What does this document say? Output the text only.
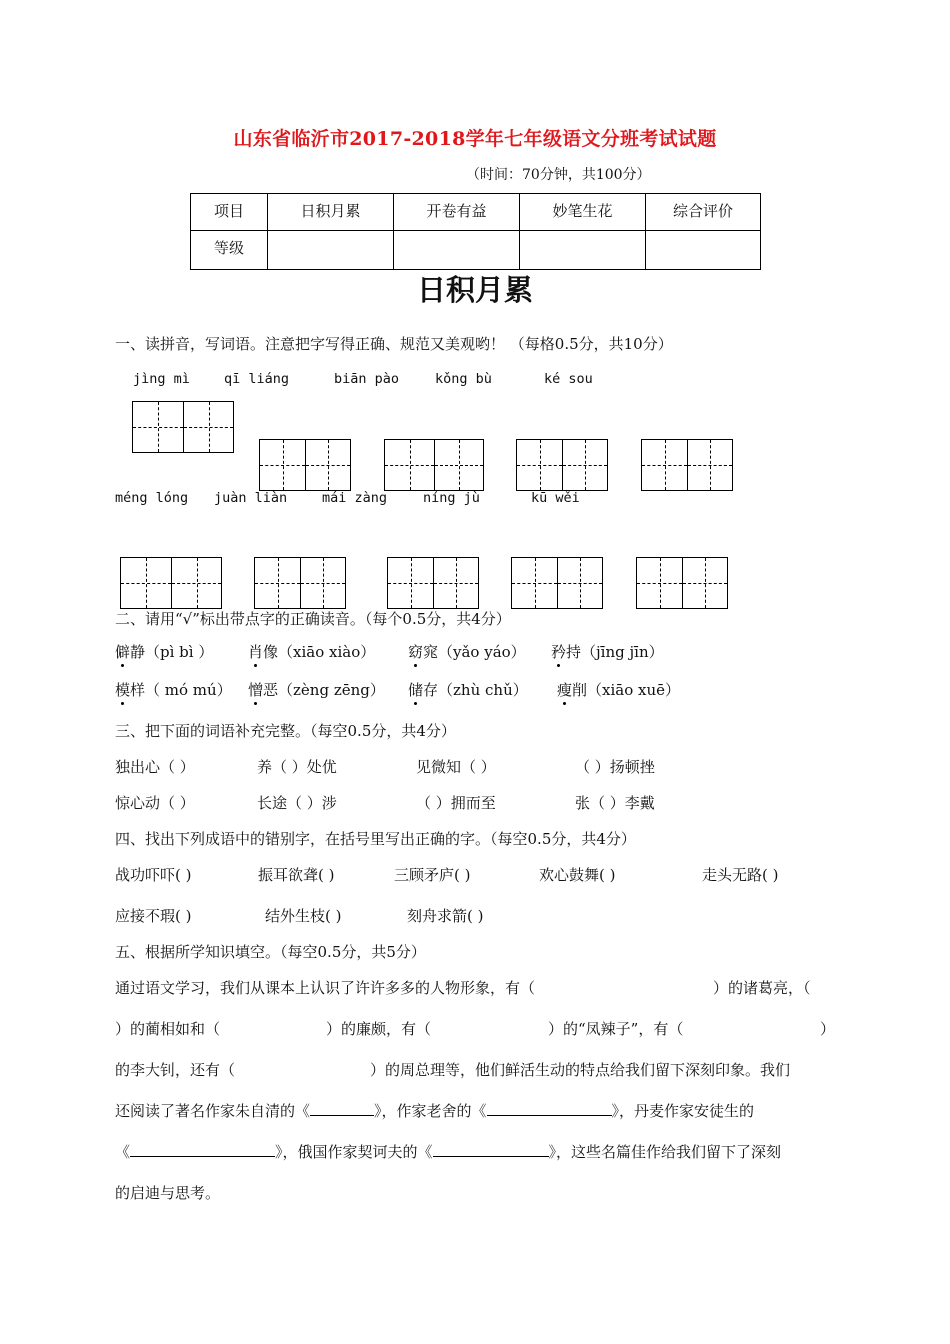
山东省临沂市2017-2018学年七年级语文分班考试试题
（时间：70分钟，共100分）
项目	日积月累	开卷有益	妙笔生花	综合评价
等级				
日积月累
一、读拼音，写词语。注意把字写得正确、规范又美观哟！ （每格0.5分，共10分）
jìng mì	qī liáng	biān pào	kǒng bù	ké sou
méng lóng juàn liàn	mái zàng	níng jù	kū wěi
二、请用“√”标出带点字的正确读音。（每个0.5分，共4分）
僻静（pì bì ） 肖像（xiāo xiào） 窈窕（yǎo yáo） 矜持（jīng jīn）
模样（ mó mú） 憎恶（zèng zēng） 储存（zhù chǔ） 瘦削（xiāo xuē）
三、把下面的词语补充完整。（每空0.5分，共4分）
独出心（ ）	养（ ）处优	见微知（ ）	（ ）扬顿挫
惊心动（ ）	长途（ ）涉	（ ）拥而至	张（ ）李戴
四、找出下列成语中的错别字，在括号里写出正确的字。（每空0.5分，共4分）
战功吓吓( )	振耳欲聋( )	三顾矛庐( )	欢心鼓舞( )	走头无路( )
应接不瑕( )	结外生枝( )	刻舟求箭( )
五、根据所学知识填空。（每空0.5分，共5分）
通过语文学习，我们从课本上认识了许许多多的人物形象，有（	）的诸葛亮，（
）的蔺相如和（	）的廉颇，有（	）的“凤辣子”，有（	）
的李大钊，还有（	）的周总理等，他们鲜活生动的特点给我们留下深刻印象。我们
还阅读了著名作家朱自清的《	》，作家老舍的《	》，丹麦作家安徒生的
《	》，俄国作家契诃夫的《	》，这些名篇佳作给我们留下了深刻
的启迪与思考。
